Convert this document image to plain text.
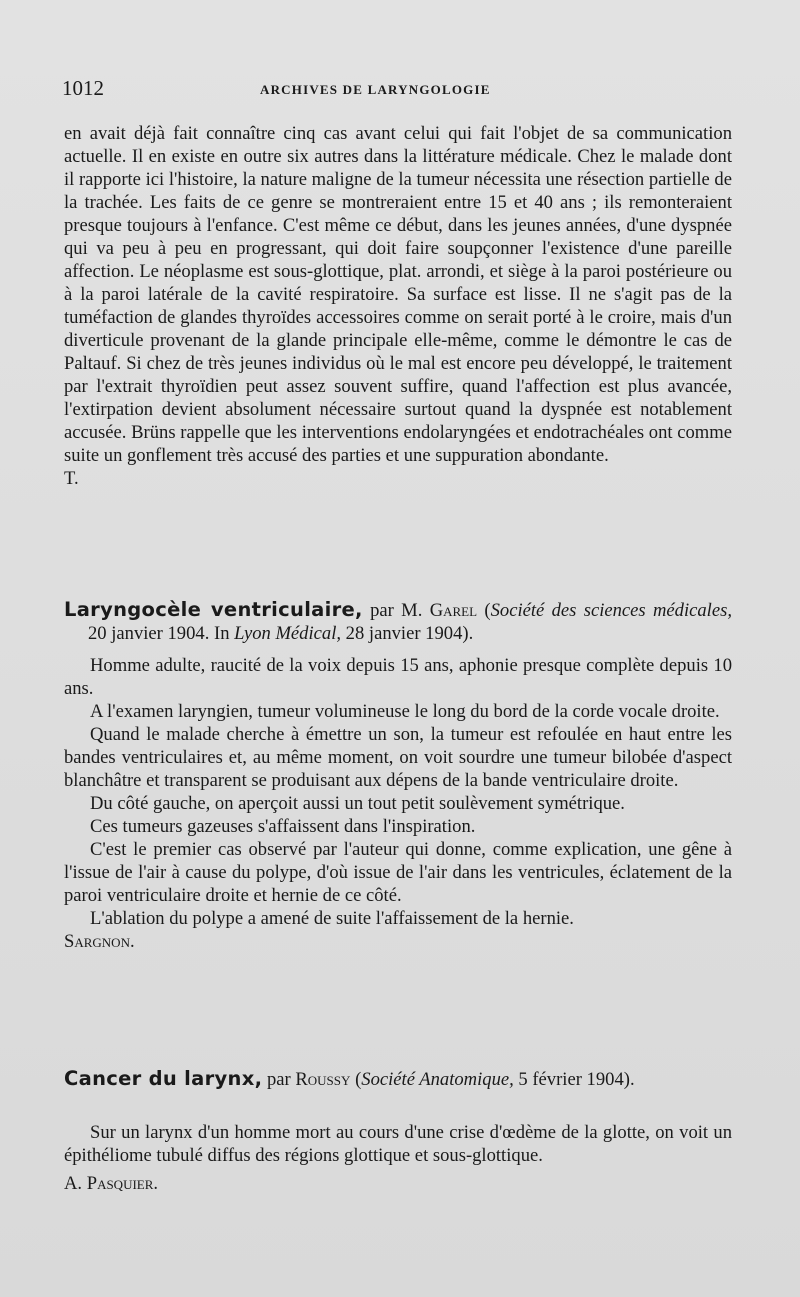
1012	ARCHIVES DE LARYNGOLOGIE

en avait déjà fait connaître cinq cas avant celui qui fait l'objet de sa communication actuelle. Il en existe en outre six autres dans la littérature médicale. Chez le malade dont il rapporte ici l'histoire, la nature maligne de la tumeur nécessita une résection partielle de la trachée. Les faits de ce genre se montreraient entre 15 et 40 ans ; ils remonteraient presque toujours à l'enfance. C'est même ce début, dans les jeunes années, d'une dyspnée qui va peu à peu en progressant, qui doit faire soupçonner l'existence d'une pareille affection. Le néoplasme est sous-glottique, plat. arrondi, et siège à la paroi postérieure ou à la paroi latérale de la cavité respiratoire. Sa surface est lisse. Il ne s'agit pas de la tuméfaction de glandes thyroïdes accessoires comme on serait porté à le croire, mais d'un diverticule provenant de la glande principale elle-même, comme le démontre le cas de Paltauf. Si chez de très jeunes individus où le mal est encore peu développé, le traitement par l'extrait thyroïdien peut assez souvent suffire, quand l'affection est plus avancée, l'extirpation devient absolument nécessaire surtout quand la dyspnée est notablement accusée. Brüns rappelle que les interventions endolaryngées et endotrachéales ont comme suite un gonflement très accusé des parties et une suppuration abondante.

T.

Laryngocèle ventriculaire, par M. Garel (Société des sciences médicales, 20 janvier 1904. In Lyon Médical, 28 janvier 1904).

Homme adulte, raucité de la voix depuis 15 ans, aphonie presque complète depuis 10 ans.

A l'examen laryngien, tumeur volumineuse le long du bord de la corde vocale droite.

Quand le malade cherche à émettre un son, la tumeur est refoulée en haut entre les bandes ventriculaires et, au même moment, on voit sourdre une tumeur bilobée d'aspect blanchâtre et transparent se produisant aux dépens de la bande ventriculaire droite.

Du côté gauche, on aperçoit aussi un tout petit soulèvement symétrique.

Ces tumeurs gazeuses s'affaissent dans l'inspiration.

C'est le premier cas observé par l'auteur qui donne, comme explication, une gêne à l'issue de l'air à cause du polype, d'où issue de l'air dans les ventricules, éclatement de la paroi ventriculaire droite et hernie de ce côté.

L'ablation du polype a amené de suite l'affaissement de la hernie.

Sargnon.

Cancer du larynx, par Roussy (Société Anatomique, 5 février 1904).

Sur un larynx d'un homme mort au cours d'une crise d'œdème de la glotte, on voit un épithéliome tubulé diffus des régions glottique et sous-glottique.

A. Pasquier.
